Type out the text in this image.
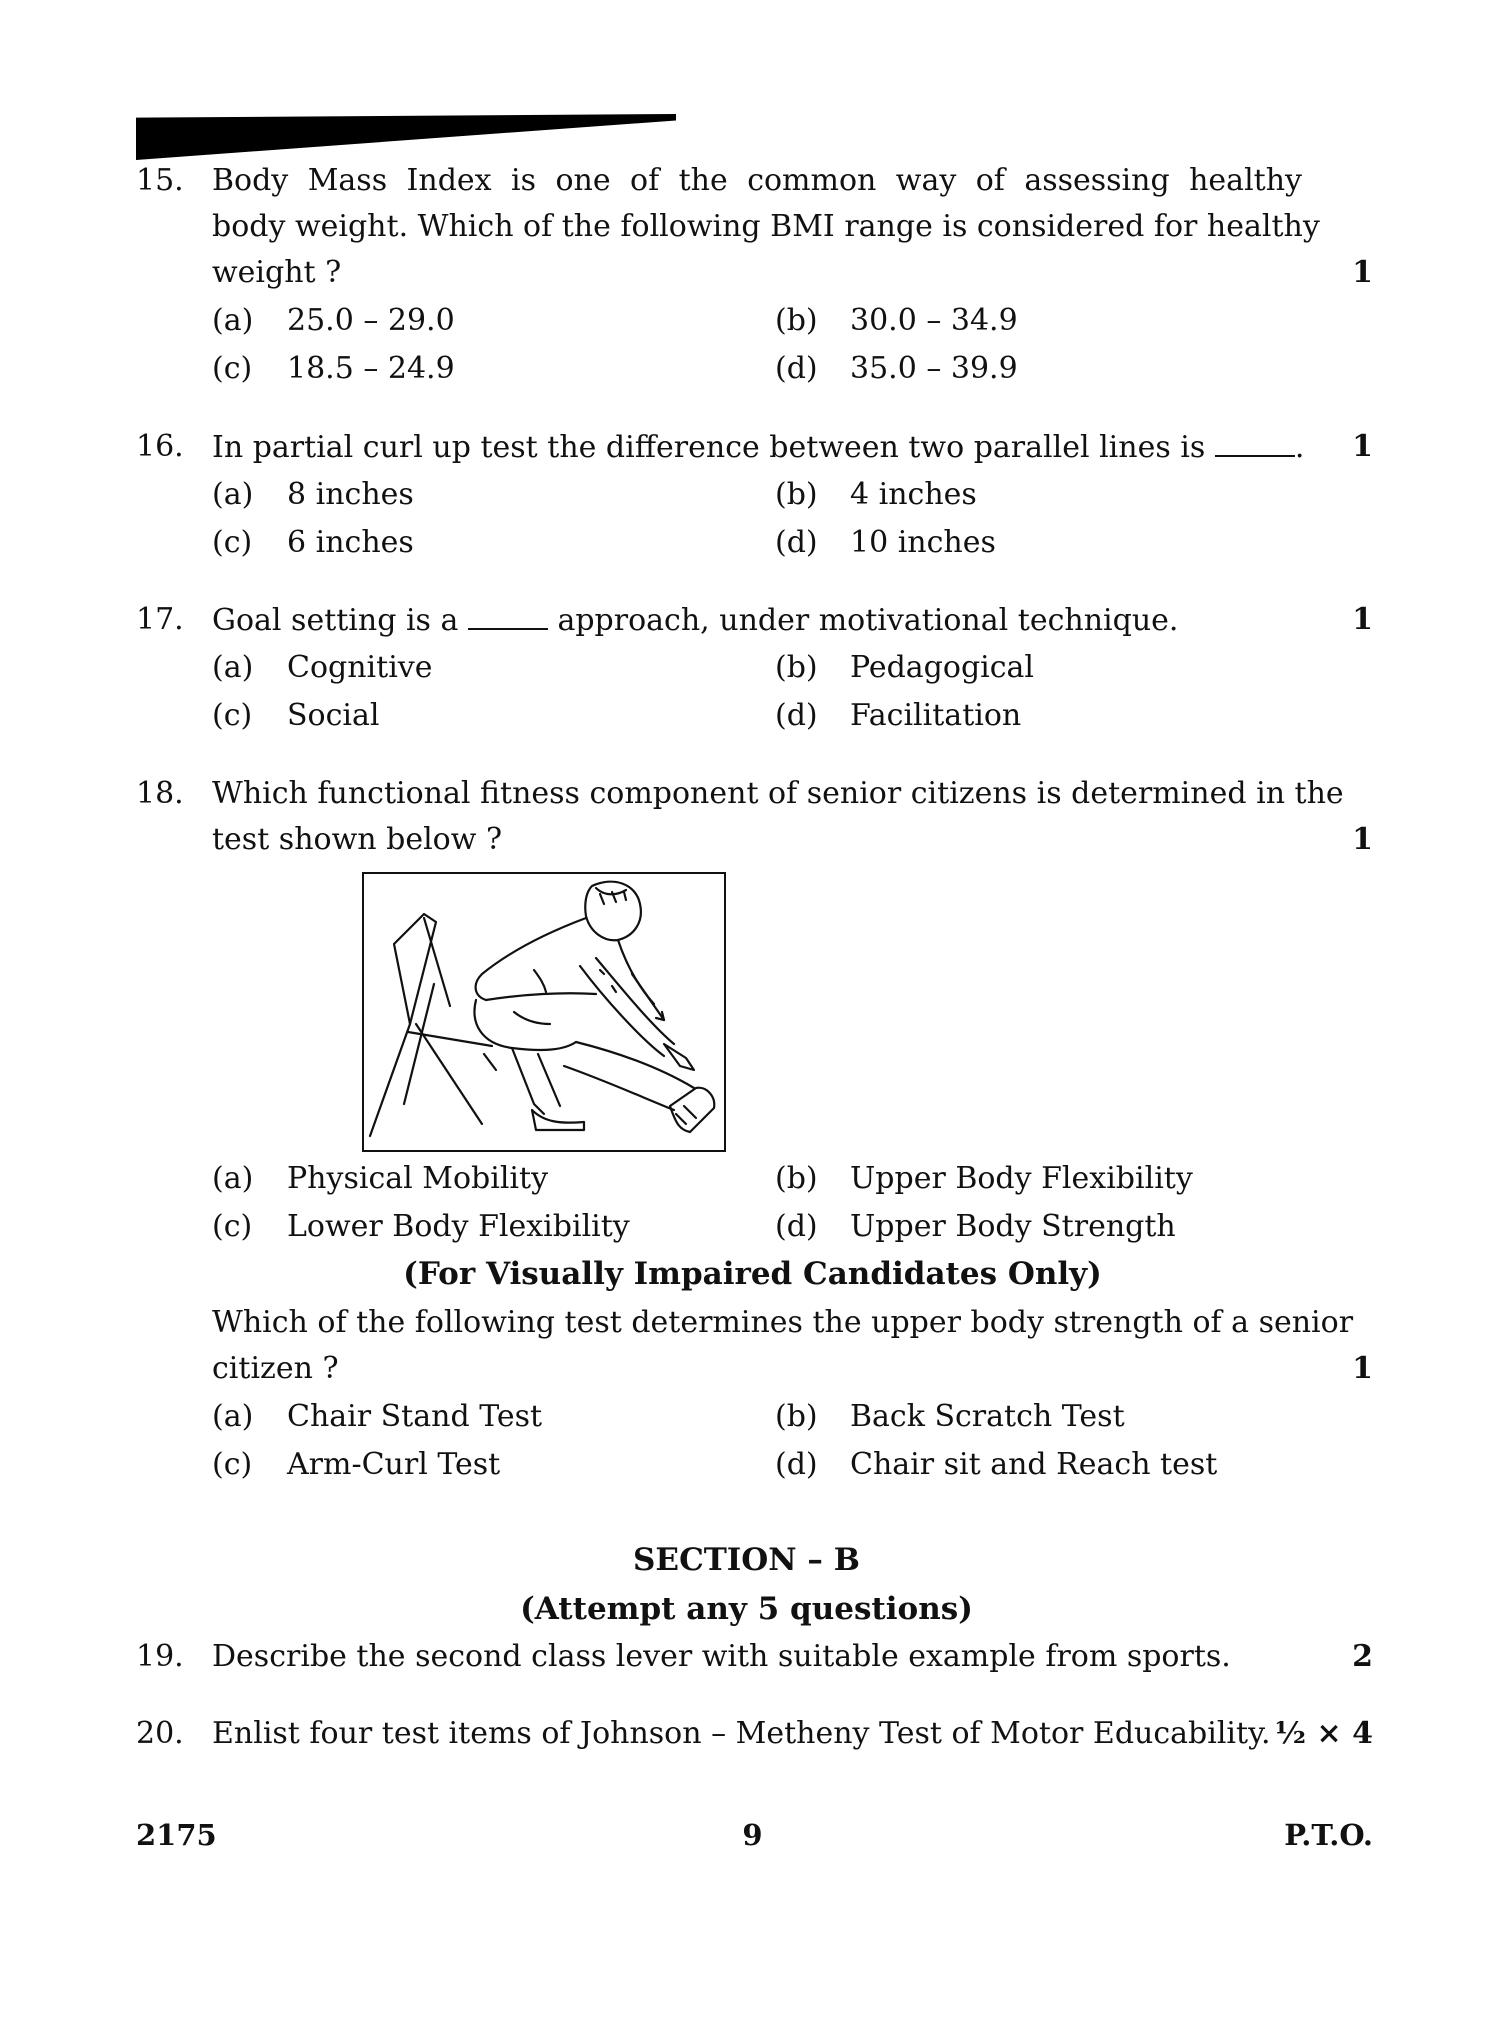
15. Body Mass Index is one of the common way of assessing healthy
body weight. Which of the following BMI range is considered for healthy
weight ?	1
(a) 25.0 – 29.0	(b) 30.0 – 34.9
(c) 18.5 – 24.9	(d) 35.0 – 39.9
16. In partial curl up test the difference between two parallel lines is	. 1
(a) 8 inches	(b) 4 inches
(c) 6 inches	(d) 10 inches
17. Goal setting is a	approach, under motivational technique.	1
(a) Cognitive	(b) Pedagogical
(c) Social	(d) Facilitation
18. Which functional fitness component of senior citizens is determined in the
test shown below ?	1
(a) Physical Mobility	(b) Upper Body Flexibility
(c) Lower Body Flexibility	(d) Upper Body Strength
(For Visually Impaired Candidates Only)
Which of the following test determines the upper body strength of a senior
citizen ?	1
(a) Chair Stand Test	(b) Back Scratch Test
(c) Arm-Curl Test	(d) Chair sit and Reach test
SECTION – B
(Attempt any 5 questions)
19. Describe the second class lever with suitable example from sports.	2
20. Enlist four test items of Johnson – Metheny Test of Motor Educability. ½ × 4
2175	9	P.T.O.
